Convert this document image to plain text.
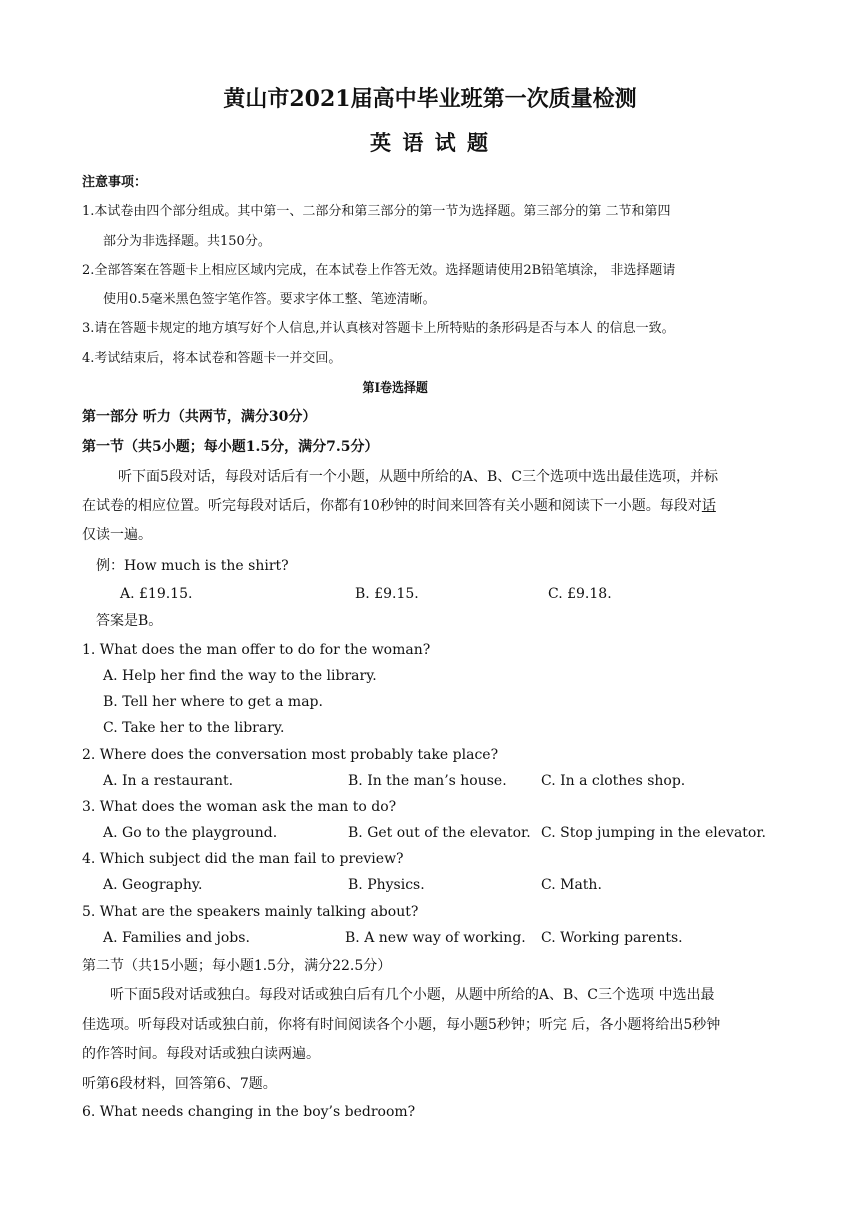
黄山市2021届高中毕业班第一次质量检测
英 语 试 题
注意事项：
1.本试卷由四个部分组成。其中第一、二部分和第三部分的第一节为选择题。第三部分的第 二节和第四
部分为非选择题。共150分。
2.全部答案在答题卡上相应区域内完成，在本试卷上作答无效。选择题请使用2B铅笔填涂， 非选择题请
使用0.5毫米黑色签字笔作答。要求字体工整、笔迹清晰。
3.请在答题卡规定的地方填写好个人信息,并认真核对答题卡上所特贴的条形码是否与本人 的信息一致。
4.考试结束后，将本试卷和答题卡一并交回。
第I卷选择题
第一部分 听力（共两节，满分30分）
第一节（共5小题；每小题1.5分，满分7.5分）
听下面5段对话，每段对话后有一个小题，从题中所给的A、B、C三个选项中选出最佳选项，并标
在试卷的相应位置。听完每段对话后，你都有10秒钟的时间来回答有关小题和阅读下一小题。每段对话
仅读一遍。
例：How much is the shirt?
A. £19.15.	B. £9.15.	C. £9.18.
答案是B。
1. What does the man offer to do for the woman?
A. Help her find the way to the library.
B. Tell her where to get a map.
C. Take her to the library.
2. Where does the conversation most probably take place?
A. In a restaurant.	B. In the man’s house. C. In a clothes shop.
3. What does the woman ask the man to do?
A. Go to the playground.	B. Get out of the elevator. C. Stop jumping in the elevator.
4. Which subject did the man fail to preview?
A. Geography.	B. Physics.	C. Math.
5. What are the speakers mainly talking about?
A. Families and jobs.	B. A new way of working. C. Working parents.
第二节（共15小题；每小题1.5分，满分22.5分）
听下面5段对话或独白。每段对话或独白后有几个小题，从题中所给的A、B、C三个选项 中选出最
佳选项。听每段对话或独白前，你将有时间阅读各个小题，每小题5秒钟；听完 后，各小题将给出5秒钟
的作答时间。每段对话或独白读两遍。
听第6段材料，回答第6、7题。
6. What needs changing in the boy’s bedroom?
